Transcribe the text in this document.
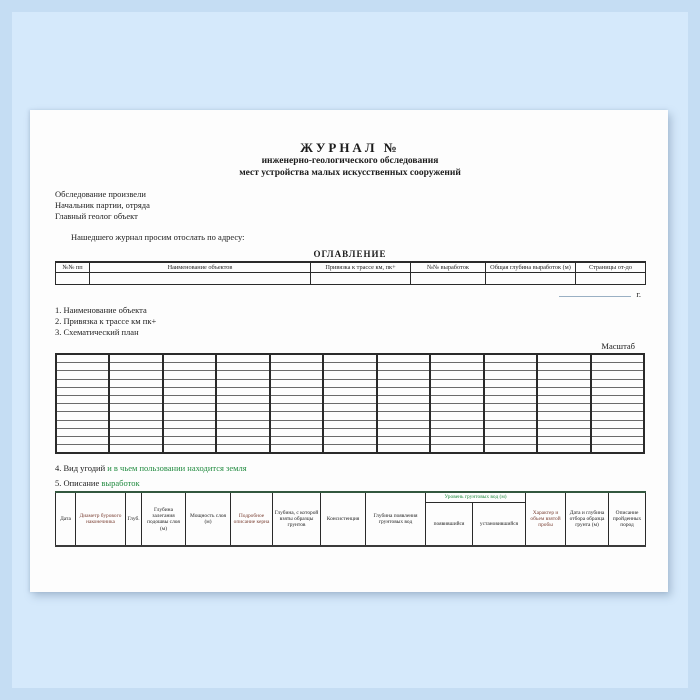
ЖУРНАЛ №
инженерно-геологического обследования
мест устройства малых искусственных сооружений
Обследование произвели
Начальник партии, отряда
Главный геолог объект
Нашедшего журнал просим отослать по адресу:
ОГЛАВЛЕНИЕ
№№ пп	Наименование объектов	Привязка к трассе км, пк+	№№ выработок	Общая глубина выработок (м)	Страницы от-до

г.
1. Наименование объекта
2. Привязка к трассе км пк+
3. Схематический план
Масштаб

4. Вид угодий и в чьем пользовании находится земля
5. Описание выработок
Дата	Диаметр бурового наконечника	Глуб.	Глубина залегания подошвы слоя (м)	Мощность слоя (м)	Подробное описание керна	Глубина, с которой взяты образцы грунтов	Консистенция	Глубина появления грунтовых вод	Уровень грунтовых вод (м)		Характер и объем взятой пробы	Дата и глубина отбора образца грунта (м)	Описание пройденных пород
									появившийся	установившийся			
